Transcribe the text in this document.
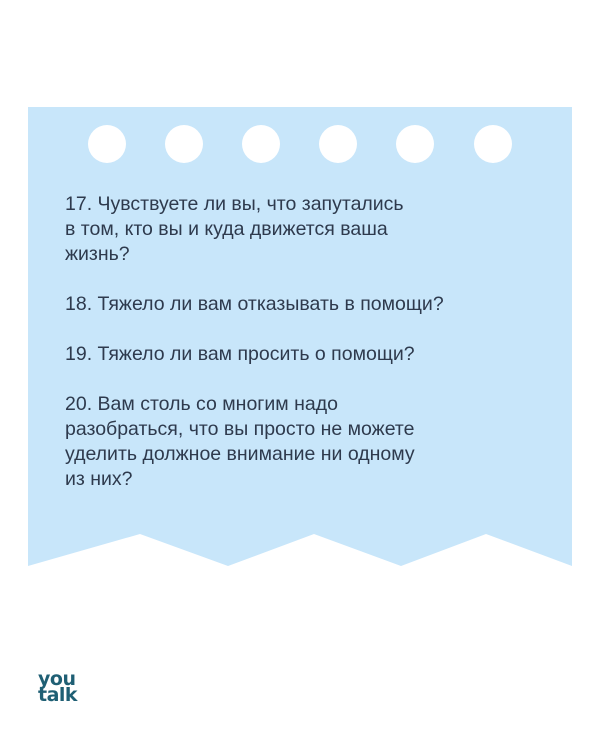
17. Чувствуете ли вы, что запутались
в том, кто вы и куда движется ваша
жизнь?

18. Тяжело ли вам отказывать в помощи?

19. Тяжело ли вам просить о помощи?

20. Вам столь со многим надо
разобраться, что вы просто не можете
уделить должное внимание ни одному
из них?

you
talk
